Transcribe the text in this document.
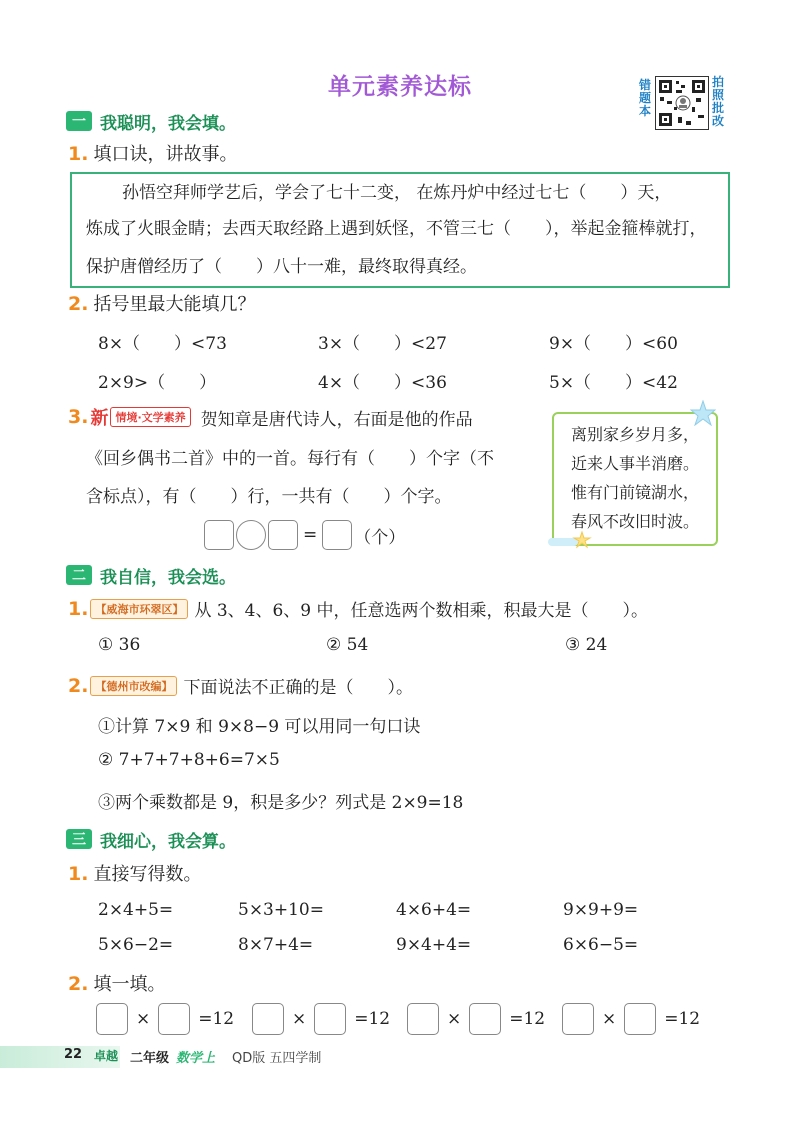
单元素养达标	错题本
拍照批改
一 我聪明，我会填。
1. 填口诀，讲故事。
孙悟空拜师学艺后，学会了七十二变， 在炼丹炉中经过七七（　　）天，
炼成了火眼金睛；去西天取经路上遇到妖怪，不管三七（　　），举起金箍棒就打，
保护唐僧经历了（　　）八十一难，最终取得真经。
2. 括号里最大能填几？
8×（　　）<73	3×（　　）<27	9×（　　）<60
2×9>（　　）	4×（　　）<36	5×（　　）<42
3. 新 情境·文学素养 贺知章是唐代诗人，右面是他的作品
《回乡偶书二首》中的一首。每行有（　　）个字（不
含标点），有（　　）行，一共有（　　）个字。
= （个）
离别家乡岁月多，
近来人事半消磨。
惟有门前镜湖水，
春风不改旧时波。
二 我自信，我会选。
1. 【威海市环翠区】 从 3、4、6、9 中，任意选两个数相乘，积最大是（　　）。
① 36	② 54	③ 24
2. 【德州市改编】 下面说法不正确的是（　　）。
①计算 7×9 和 9×8−9 可以用同一句口诀
② 7+7+7+8+6=7×5
③两个乘数都是 9，积是多少？列式是 2×9=18
三 我细心，我会算。
1. 直接写得数。
2×4+5=	5×3+10=	4×6+4=	9×9+9=
5×6−2=	8×7+4=	9×4+4=	6×6−5=
2. 填一填。
×	=12	×	=12	×	=12	×	=12
22 卓越 二年级 数学上 QD版 五四学制
